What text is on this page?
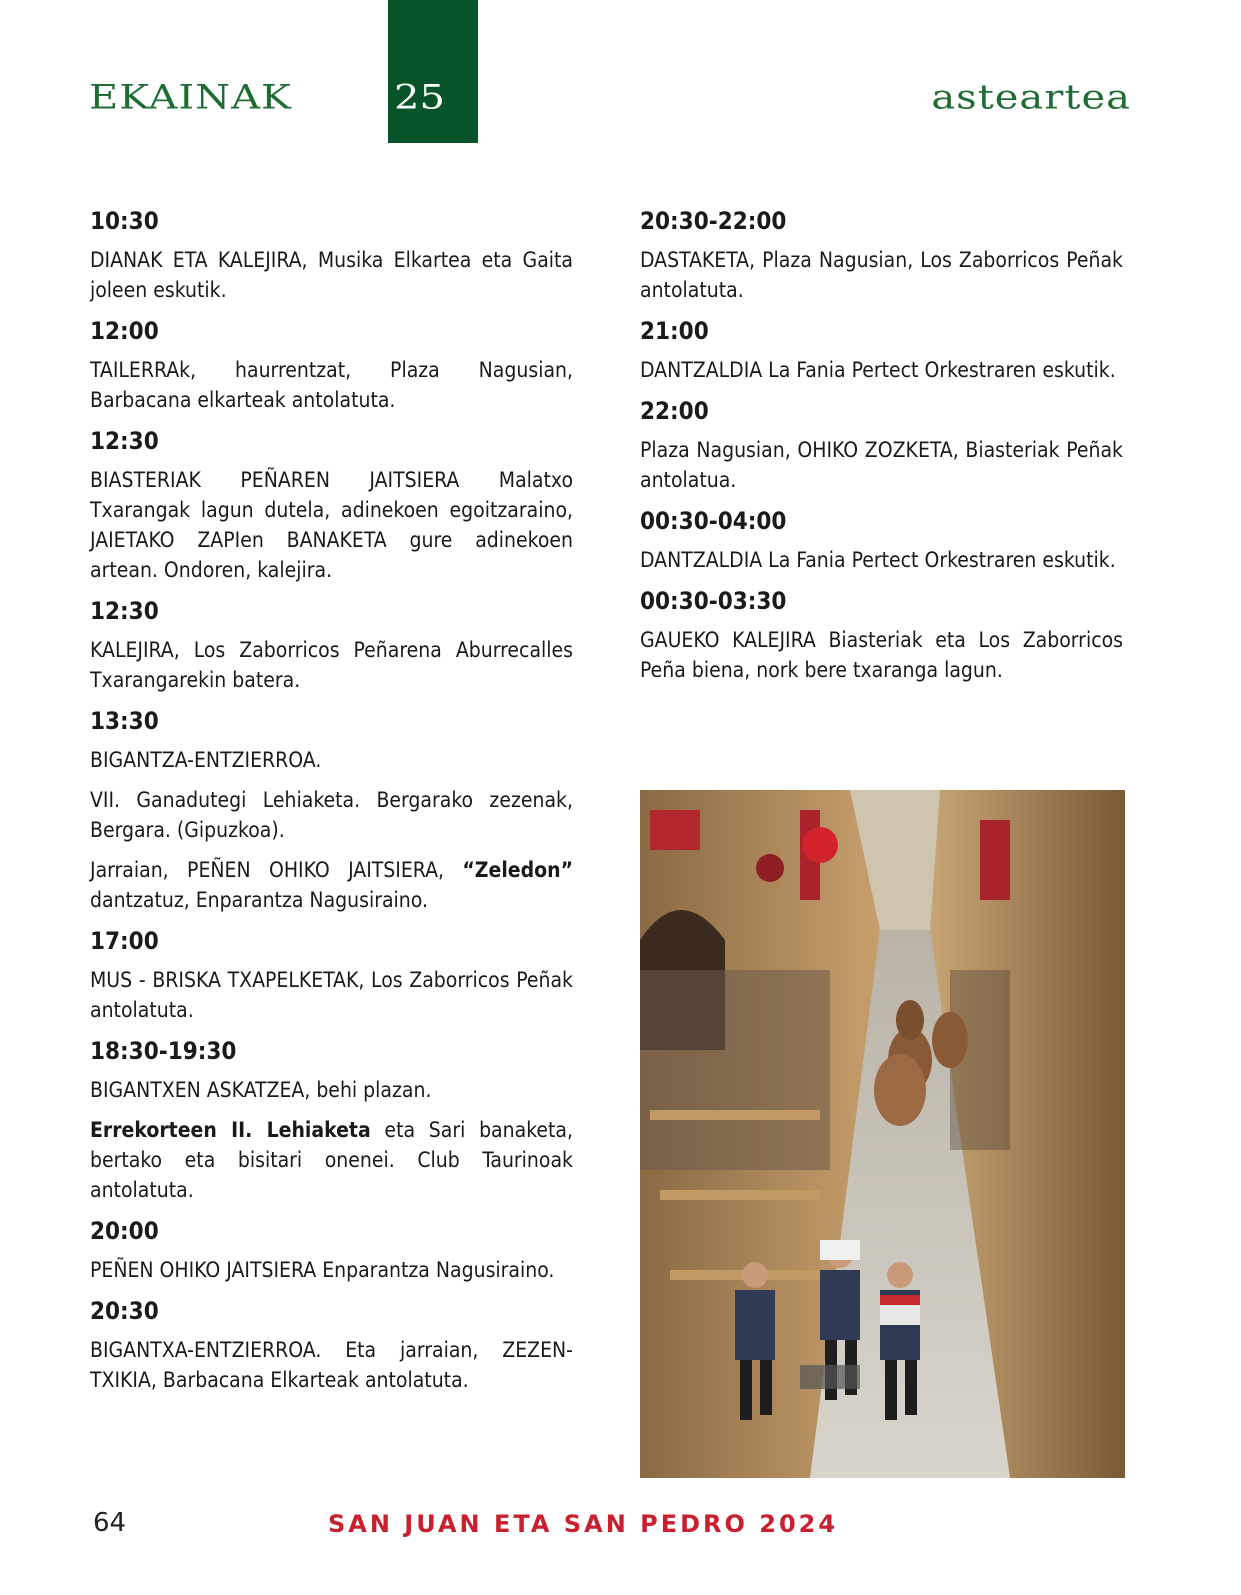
EKAINAK	25	asteartea
10:30
DIANAK ETA KALEJIRA, Musika Elkartea eta Gaita joleen eskutik.
12:00
TAILERRAk, haurrentzat, Plaza Nagusian, Barbacana elkarteak antolatuta.
12:30
BIASTERIAK PEÑAREN JAITSIERA Malatxo Txarangak lagun dutela, adinekoen egoitzaraino, JAIETAKO ZAPIen BANAKETA gure adinekoen artean. Ondoren, kalejira.
12:30
KALEJIRA, Los Zaborricos Peñarena Aburrecalles Txarangarekin batera.
13:30
BIGANTZA-ENTZIERROA.
VII. Ganadutegi Lehiaketa. Bergarako zezenak, Bergara. (Gipuzkoa).
Jarraian, PEÑEN OHIKO JAITSIERA, “Zeledon” dantzatuz, Enparantza Nagusiraino.
17:00
MUS - BRISKA TXAPELKETAK, Los Zaborricos Peñak antolatuta.
18:30-19:30
BIGANTXEN ASKATZEA, behi plazan.
Errekorteen II. Lehiaketa eta Sari banaketa, bertako eta bisitari onenei. Club Taurinoak antolatuta.
20:00
PEÑEN OHIKO JAITSIERA Enparantza Nagusiraino.
20:30
BIGANTXA-ENTZIERROA. Eta jarraian, ZEZEN-TXIKIA, Barbacana Elkarteak antolatuta.
20:30-22:00
DASTAKETA, Plaza Nagusian, Los Zaborricos Peñak antolatuta.
21:00
DANTZALDIA La Fania Pertect Orkestraren eskutik.
22:00
Plaza Nagusian, OHIKO ZOZKETA, Biasteriak Peñak antolatua.
00:30-04:00
DANTZALDIA La Fania Pertect Orkestraren eskutik.
00:30-03:30
GAUEKO KALEJIRA Biasteriak eta Los Zaborricos Peña biena, nork bere txaranga lagun.
64	SAN JUAN ETA SAN PEDRO 2024
